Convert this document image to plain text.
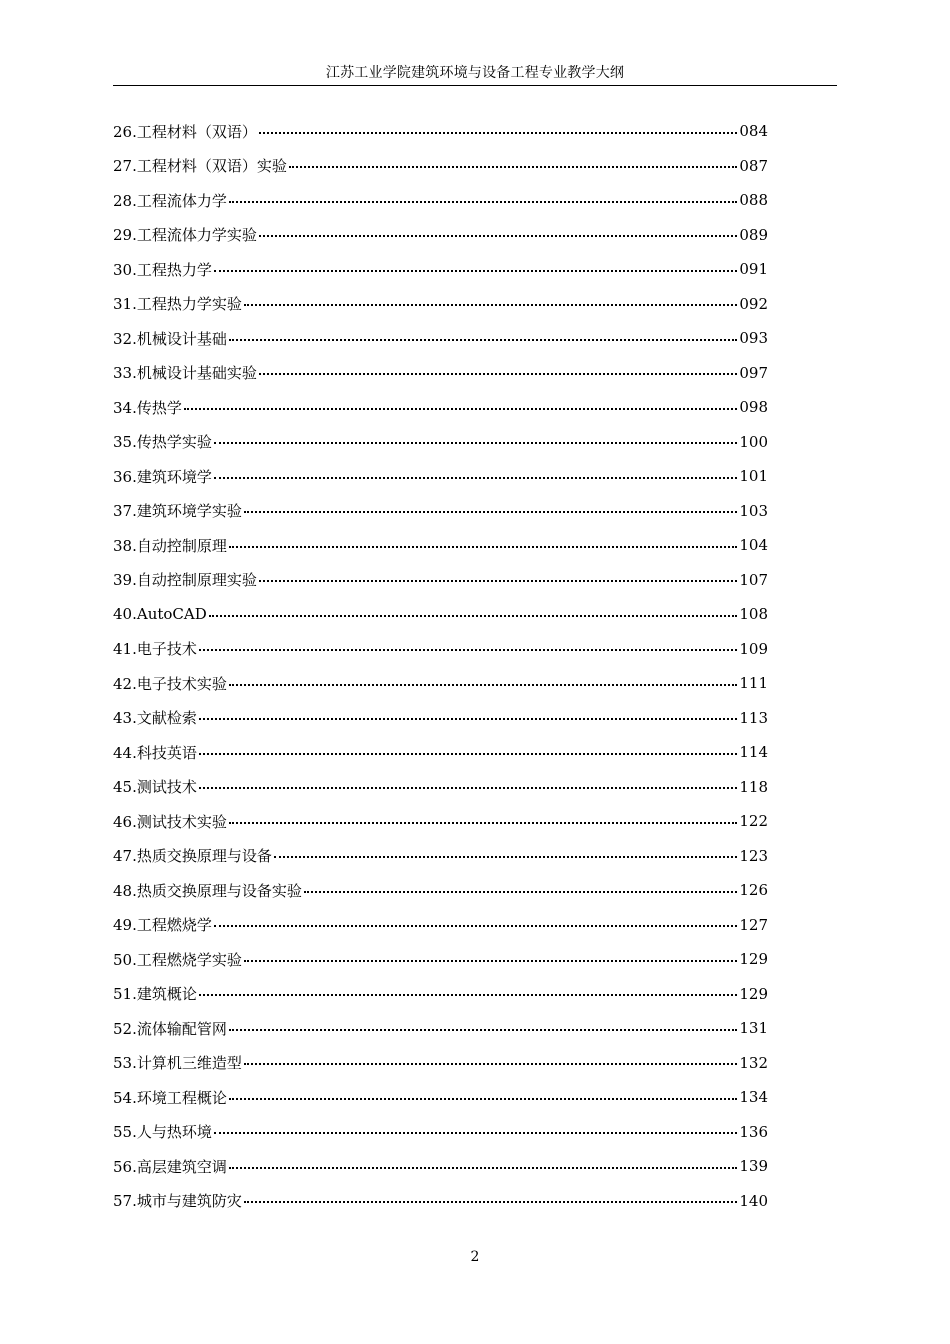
江苏工业学院建筑环境与设备工程专业教学大纲
26.工程材料（双语）	084
27.工程材料（双语）实验	087
28.工程流体力学	088
29.工程流体力学实验	089
30.工程热力学	091
31.工程热力学实验	092
32.机械设计基础	093
33.机械设计基础实验	097
34.传热学	098
35.传热学实验	100
36.建筑环境学	101
37.建筑环境学实验	103
38.自动控制原理	104
39.自动控制原理实验	107
40.AutoCAD	108
41.电子技术	109
42.电子技术实验	111
43.文献检索	113
44.科技英语	114
45.测试技术	118
46.测试技术实验	122
47.热质交换原理与设备	123
48.热质交换原理与设备实验	126
49.工程燃烧学	127
50.工程燃烧学实验	129
51.建筑概论	129
52.流体输配管网	131
53.计算机三维造型	132
54.环境工程概论	134
55.人与热环境	136
56.高层建筑空调	139
57.城市与建筑防灾	140
2
